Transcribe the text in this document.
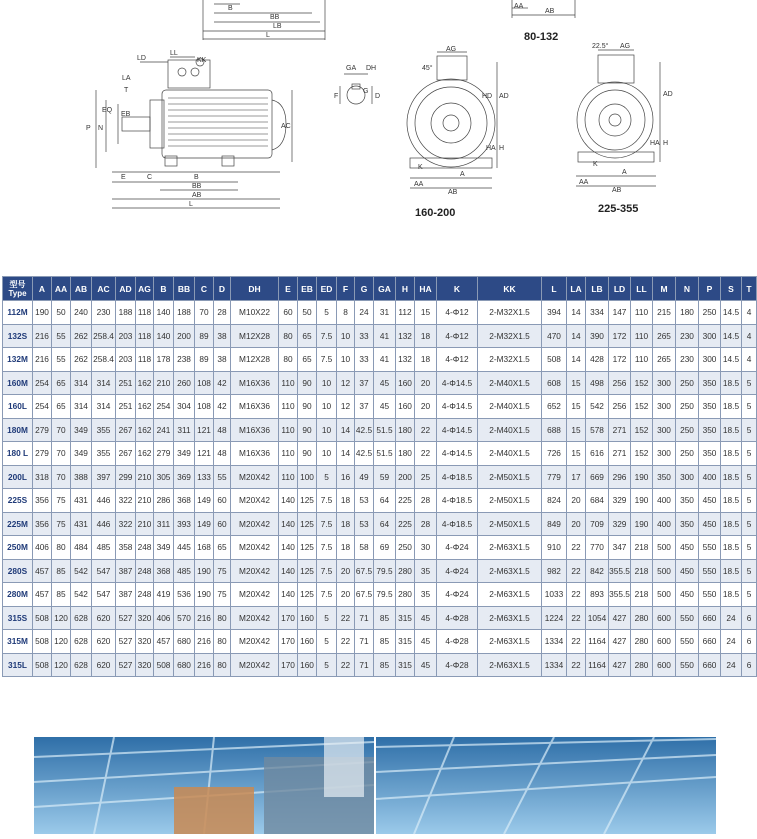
B
BB
LB
L
AA
AB
80-132
LD
LL
KK
LA
EQ
EB
T
N
P	AC
E	C	B
BB
AB
L
GA DH
F
G
D
AG
45°
HD AD
H
HA
K
AA
A
AB
160-200
22.5° AG
AD
H
HA
K
AA
A
AB
225-355
型号
Type	A	AA	AB	AC	AD	AG	B	BB	C	D	DH	E	EB	ED	F	G	GA	H	HA	K	KK	L	LA	LB	LD	LL	M	N	P	S	T
112M	190	50	240	230	188	118	140	188	70	28	M10X22	60	50	5	8	24	31	112	15	4-Φ12	2-M32X1.5	394	14	334	147	110	215	180	250	14.5	4
132S	216	55	262	258.4	203	118	140	200	89	38	M12X28	80	65	7.5	10	33	41	132	18	4-Φ12	2-M32X1.5	470	14	390	172	110	265	230	300	14.5	4
132M	216	55	262	258.4	203	118	178	238	89	38	M12X28	80	65	7.5	10	33	41	132	18	4-Φ12	2-M32X1.5	508	14	428	172	110	265	230	300	14.5	4
160M	254	65	314	314	251	162	210	260	108	42	M16X36	110	90	10	12	37	45	160	20	4-Φ14.5	2-M40X1.5	608	15	498	256	152	300	250	350	18.5	5
160L	254	65	314	314	251	162	254	304	108	42	M16X36	110	90	10	12	37	45	160	20	4-Φ14.5	2-M40X1.5	652	15	542	256	152	300	250	350	18.5	5
180M	279	70	349	355	267	162	241	311	121	48	M16X36	110	90	10	14	42.5	51.5	180	22	4-Φ14.5	2-M40X1.5	688	15	578	271	152	300	250	350	18.5	5
180 L	279	70	349	355	267	162	279	349	121	48	M16X36	110	90	10	14	42.5	51.5	180	22	4-Φ14.5	2-M40X1.5	726	15	616	271	152	300	250	350	18.5	5
200L	318	70	388	397	299	210	305	369	133	55	M20X42	110	100	5	16	49	59	200	25	4-Φ18.5	2-M50X1.5	779	17	669	296	190	350	300	400	18.5	5
225S	356	75	431	446	322	210	286	368	149	60	M20X42	140	125	7.5	18	53	64	225	28	4-Φ18.5	2-M50X1.5	824	20	684	329	190	400	350	450	18.5	5
225M	356	75	431	446	322	210	311	393	149	60	M20X42	140	125	7.5	18	53	64	225	28	4-Φ18.5	2-M50X1.5	849	20	709	329	190	400	350	450	18.5	5
250M	406	80	484	485	358	248	349	445	168	65	M20X42	140	125	7.5	18	58	69	250	30	4-Φ24	2-M63X1.5	910	22	770	347	218	500	450	550	18.5	5
280S	457	85	542	547	387	248	368	485	190	75	M20X42	140	125	7.5	20	67.5	79.5	280	35	4-Φ24	2-M63X1.5	982	22	842	355.5	218	500	450	550	18.5	5
280M	457	85	542	547	387	248	419	536	190	75	M20X42	140	125	7.5	20	67.5	79.5	280	35	4-Φ24	2-M63X1.5	1033	22	893	355.5	218	500	450	550	18.5	5
315S	508	120	628	620	527	320	406	570	216	80	M20X42	170	160	5	22	71	85	315	45	4-Φ28	2-M63X1.5	1224	22	1054	427	280	600	550	660	24	6
315M	508	120	628	620	527	320	457	680	216	80	M20X42	170	160	5	22	71	85	315	45	4-Φ28	2-M63X1.5	1334	22	1164	427	280	600	550	660	24	6
315L	508	120	628	620	527	320	508	680	216	80	M20X42	170	160	5	22	71	85	315	45	4-Φ28	2-M63X1.5	1334	22	1164	427	280	600	550	660	24	6
